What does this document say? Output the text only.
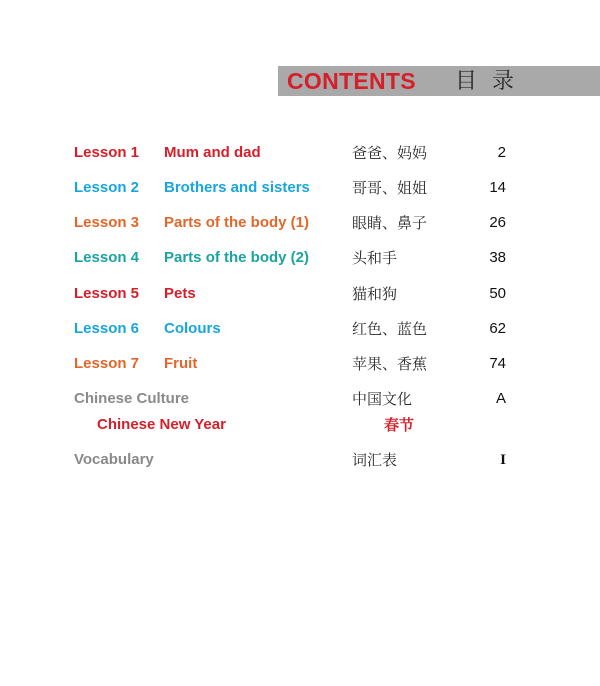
CONTENTS 目 录
Lesson 1 Mum and dad	爸爸、妈妈	2
Lesson 2 Brothers and sisters	哥哥、姐姐	14
Lesson 3 Parts of the body (1)	眼睛、鼻子	26
Lesson 4 Parts of the body (2)	头和手	38
Lesson 5 Pets	猫和狗	50
Lesson 6 Colours	红色、蓝色	62
Lesson 7 Fruit	苹果、香蕉	74
Chinese Culture	中国文化	A
Chinese New Year	春节
Vocabulary	词汇表	I
